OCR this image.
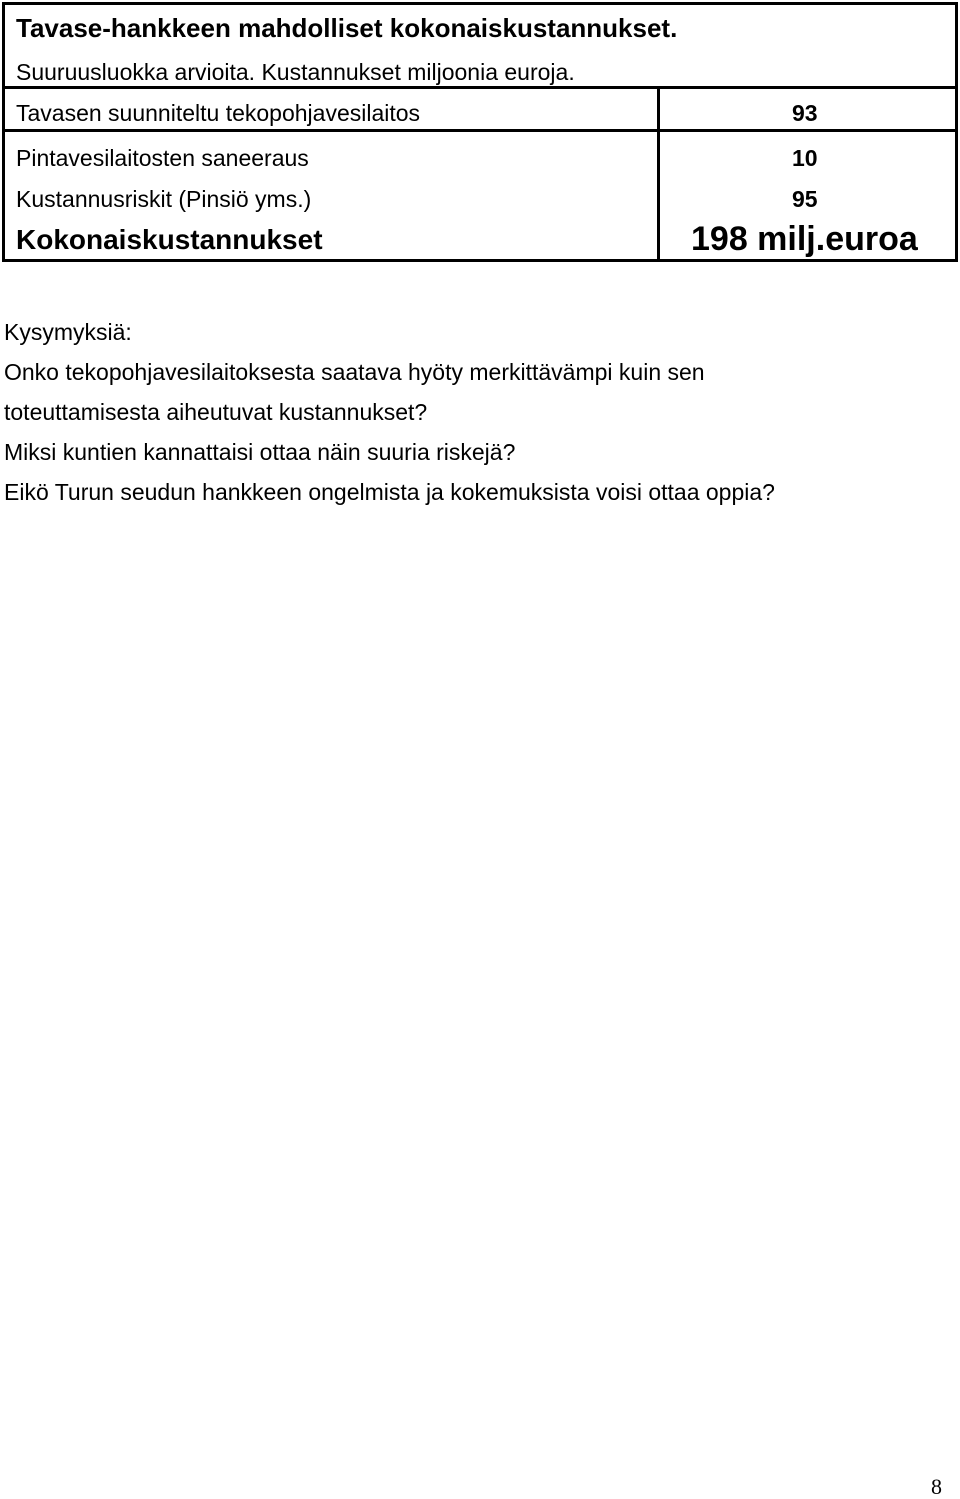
Tavase-hankkeen mahdolliset kokonaiskustannukset.
Suuruusluokka arvioita. Kustannukset miljoonia euroja.
Tavasen suunniteltu tekopohjavesilaitos	93
Pintavesilaitosten saneeraus	10
Kustannusriskit (Pinsiö yms.)	95
Kokonaiskustannukset	198 milj.euroa
Kysymyksiä:
Onko tekopohjavesilaitoksesta saatava hyöty merkittävämpi kuin sen
toteuttamisesta aiheutuvat kustannukset?
Miksi kuntien kannattaisi ottaa näin suuria riskejä?
Eikö Turun seudun hankkeen ongelmista ja kokemuksista voisi ottaa oppia?
8
